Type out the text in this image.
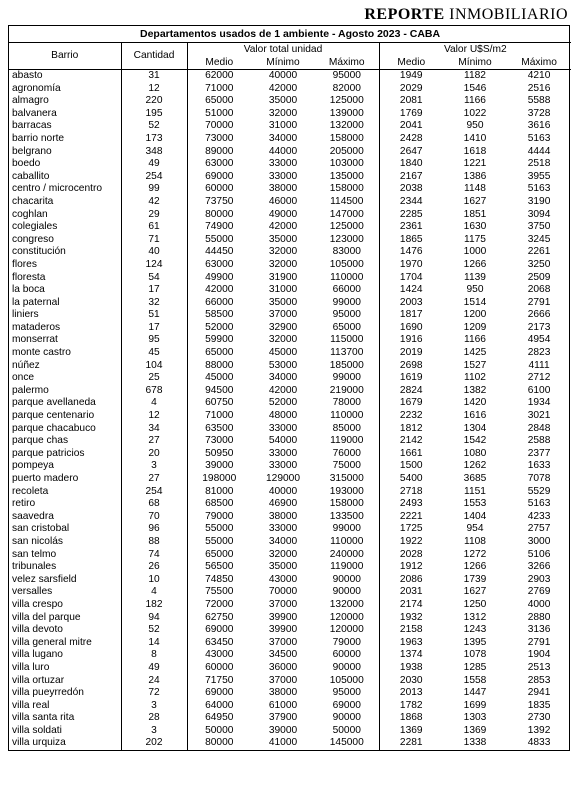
REPORTE INMOBILIARIO
Departamentos usados de 1 ambiente - Agosto 2023 - CABA							
Barrio	Cantidad	Valor total unidad			Valor U$S/m2		
		Medio	Mínimo	Máximo	Medio	Mínimo	Máximo
abasto	31	62000	40000	95000	1949	1182	4210
agronomía	12	71000	42000	82000	2029	1546	2516
almagro	220	65000	35000	125000	2081	1166	5588
balvanera	195	51000	32000	139000	1769	1022	3728
barracas	52	70000	31000	132000	2041	950	3616
barrio norte	173	73000	34000	158000	2428	1410	5163
belgrano	348	89000	44000	205000	2647	1618	4444
boedo	49	63000	33000	103000	1840	1221	2518
caballito	254	69000	33000	135000	2167	1386	3955
centro / microcentro	99	60000	38000	158000	2038	1148	5163
chacarita	42	73750	46000	114500	2344	1627	3190
coghlan	29	80000	49000	147000	2285	1851	3094
colegiales	61	74900	42000	125000	2361	1630	3750
congreso	71	55000	35000	123000	1865	1175	3245
constitución	40	44450	32000	83000	1476	1000	2261
flores	124	63000	32000	105000	1970	1266	3250
floresta	54	49900	31900	110000	1704	1139	2509
la boca	17	42000	31000	66000	1424	950	2068
la paternal	32	66000	35000	99000	2003	1514	2791
liniers	51	58500	37000	95000	1817	1200	2666
mataderos	17	52000	32900	65000	1690	1209	2173
monserrat	95	59900	32000	115000	1916	1166	4954
monte castro	45	65000	45000	113700	2019	1425	2823
núñez	104	88000	53000	185000	2698	1527	4111
once	25	45000	34000	99000	1619	1102	2712
palermo	678	94500	42000	219000	2824	1382	6100
parque avellaneda	4	60750	52000	78000	1679	1420	1934
parque centenario	12	71000	48000	110000	2232	1616	3021
parque chacabuco	34	63500	33000	85000	1812	1304	2848
parque chas	27	73000	54000	119000	2142	1542	2588
parque patricios	20	50950	33000	76000	1661	1080	2377
pompeya	3	39000	33000	75000	1500	1262	1633
puerto madero	27	198000	129000	315000	5400	3685	7078
recoleta	254	81000	40000	193000	2718	1151	5529
retiro	68	68500	46900	158000	2493	1553	5163
saavedra	70	79000	38000	133500	2221	1404	4233
san cristobal	96	55000	33000	99000	1725	954	2757
san nicolás	88	55000	34000	110000	1922	1108	3000
san telmo	74	65000	32000	240000	2028	1272	5106
tribunales	26	56500	35000	119000	1912	1266	3266
velez sarsfield	10	74850	43000	90000	2086	1739	2903
versalles	4	75500	70000	90000	2031	1627	2769
villa crespo	182	72000	37000	132000	2174	1250	4000
villa del parque	94	62750	39900	120000	1932	1312	2880
villa devoto	52	69000	39900	120000	2158	1243	3136
villa general mitre	14	63450	37000	79000	1963	1395	2791
villa lugano	8	43000	34500	60000	1374	1078	1904
villa luro	49	60000	36000	90000	1938	1285	2513
villa ortuzar	24	71750	37000	105000	2030	1558	2853
villa pueyrredón	72	69000	38000	95000	2013	1447	2941
villa real	3	64000	61000	69000	1782	1699	1835
villa santa rita	28	64950	37900	90000	1868	1303	2730
villa soldati	3	50000	39000	50000	1369	1369	1392
villa urquiza	202	80000	41000	145000	2281	1338	4833
